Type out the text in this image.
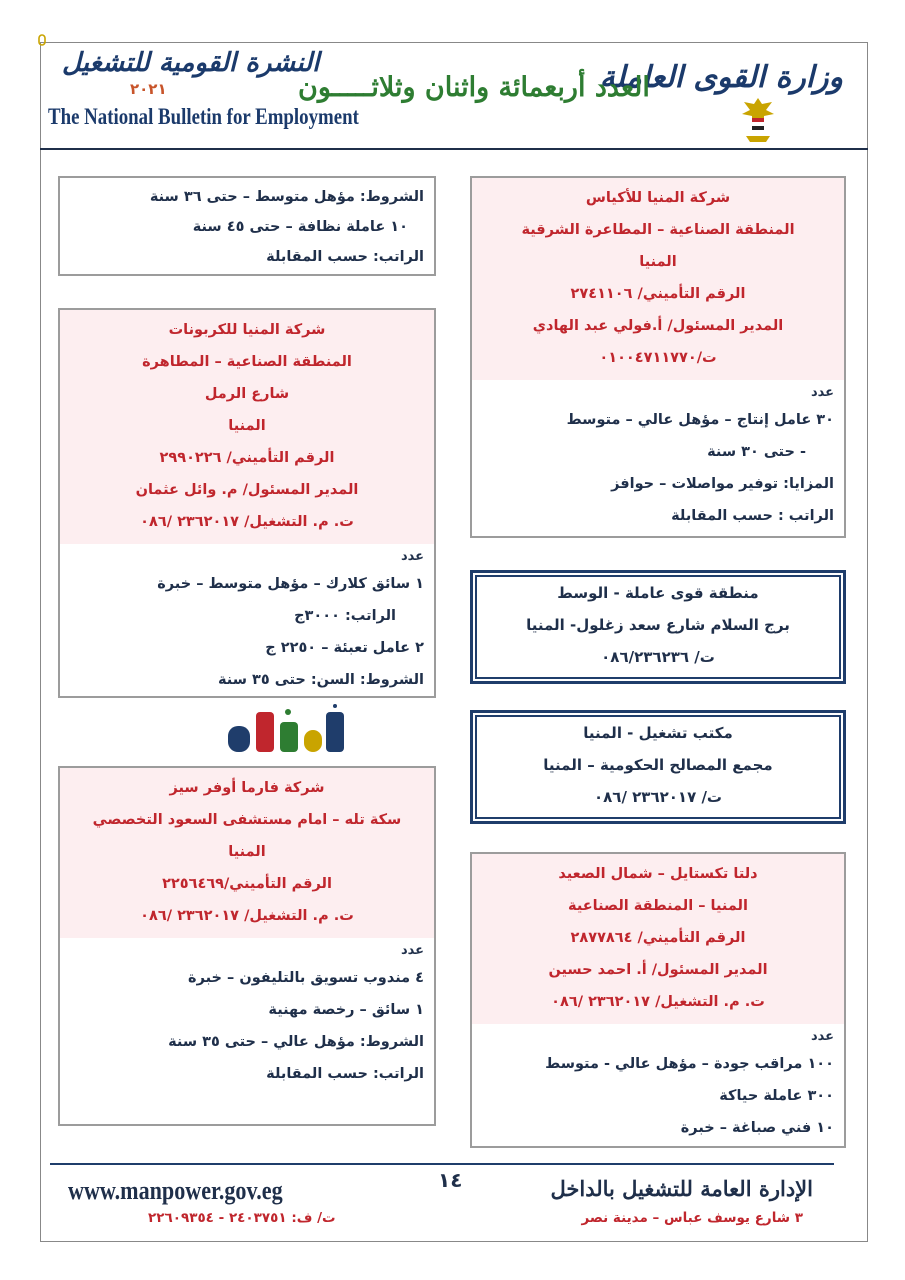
وزارة القوى العاملة
العدد أربعمائة واثنان وثلاثـــــون
النشرة القومية للتشغيل
٢٠٢١
The National Bulletin for Employment
شركة المنيا للأكياس
المنطقة الصناعية – المطاعرة الشرقية
المنيا
الرقم التأميني/ ٢٧٤١١٠٦
المدير المسئول/ أ.فولي عبد الهادي
ت/٠١٠٠٤٧١١٧٧٠
عدد
٣٠ عامل إنتاج – مؤهل عالي – متوسط
- حتى ٣٠ سنة
المزايا: توفير مواصلات – حوافز
الراتب : حسب المقابلة
منطقة قوى عاملة - الوسط
برج السلام شارع سعد زغلول- المنيا
ت/ ٠٨٦/٢٣٦٢٣٦
مكتب تشغيل - المنيا
مجمع المصالح الحكومية – المنيا
ت/ ٢٣٦٢٠١٧ /٠٨٦
دلتا تكستايل – شمال الصعيد
المنيا – المنطقة الصناعية
الرقم التأميني/ ٢٨٧٧٨٦٤
المدير المسئول/ أ. احمد حسين
ت. م. التشغيل/ ٢٣٦٢٠١٧ /٠٨٦
عدد
١٠٠ مراقب جودة – مؤهل عالي - متوسط
٣٠٠ عاملة حياكة
١٠ فني صباغة – خبرة
الشروط: مؤهل متوسط – حتى ٣٦ سنة
١٠ عاملة نظافة – حتى ٤٥ سنة
الراتب: حسب المقابلة
شركة المنيا للكربونات
المنطقة الصناعية – المطاهرة
شارع الرمل
المنيا
الرقم التأميني/ ٢٩٩٠٢٢٦
المدير المسئول/ م. وائل عثمان
ت. م. التشغيل/ ٢٣٦٢٠١٧ /٠٨٦
عدد
١ سائق كلارك – مؤهل متوسط – خبرة
الراتب: ٣٠٠٠ج
٢ عامل تعبئة – ٢٢٥٠ ج
الشروط: السن: حتى ٣٥ سنة
شركة فارما أوفر سيز
سكة تله – امام مستشفى السعود التخصصي
المنيا
الرقم التأميني/٢٢٥٦٤٦٩
ت. م. التشغيل/ ٢٣٦٢٠١٧ /٠٨٦
عدد
٤ مندوب تسويق بالتليفون – خبرة
١ سائق – رخصة مهنية
الشروط: مؤهل عالي – حتى ٣٥ سنة
الراتب: حسب المقابلة
الإدارة العامة للتشغيل بالداخل
٣ شارع يوسف عباس – مدينة نصر
١٤
www.manpower.gov.eg
ت/ ف: ٢٤٠٣٧٥١ - ٢٢٦٠٩٣٥٤
